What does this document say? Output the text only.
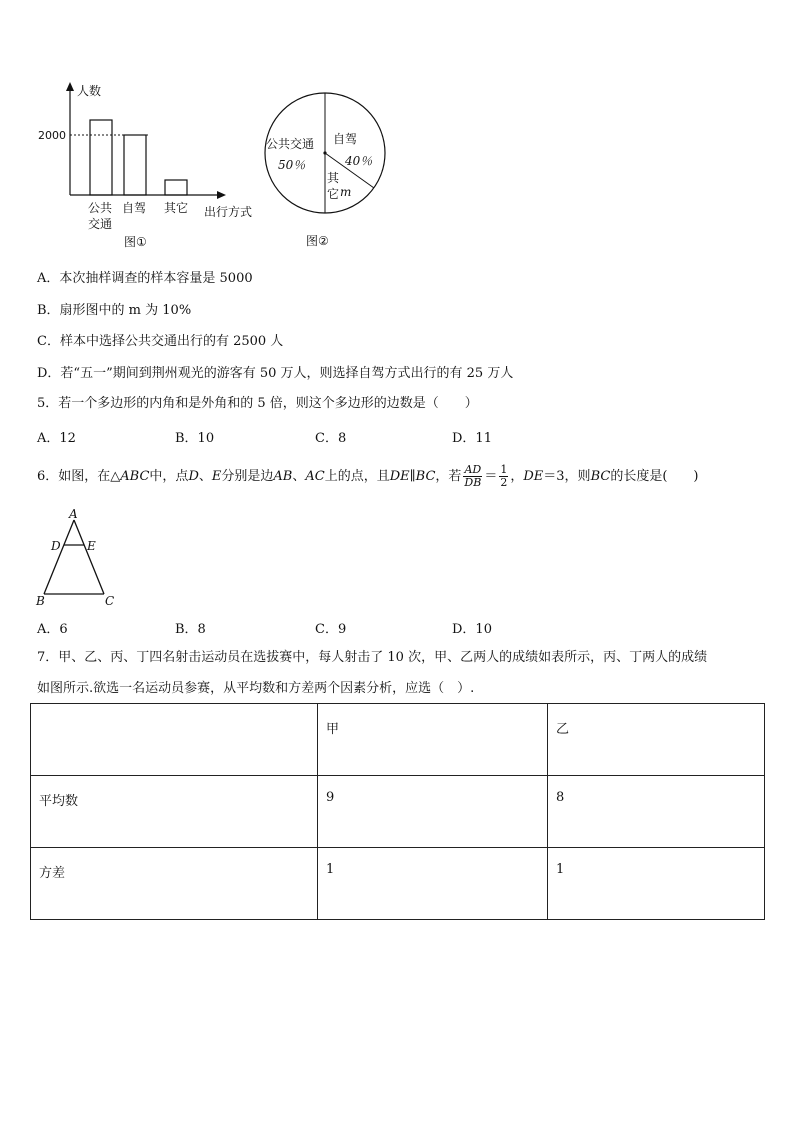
人数
2000
公共
交通
自驾 其它 出行方式
图①
公共交通
50％
自驾
40％
其
它 m
图②
A．本次抽样调查的样本容量是 5000
B．扇形图中的 m 为 10%
C．样本中选择公共交通出行的有 2500 人
D．若“五一”期间到荆州观光的游客有 50 万人，则选择自驾方式出行的有 25 万人
5．若一个多边形的内角和是外角和的 5 倍，则这个多边形的边数是（　　）
A．12	B．10	C．8	D．11
6．如图，在△ABC中，点D、E分别是边AB、AC上的点，且DE∥BC，若 $\frac{AD}{DB} = \frac{1}{2}$ ，DE＝3，则BC的长度是(　　)
A
D E
B	C
A．6	B．8	C．9	D．10
7．甲、乙、丙、丁四名射击运动员在选拔赛中，每人射击了 10 次，甲、乙两人的成绩如表所示，丙、丁两人的成绩
如图所示.欲选一名运动员参赛，从平均数和方差两个因素分析，应选（　）.
	甲	乙
平均数	9	8
方差	1	1
